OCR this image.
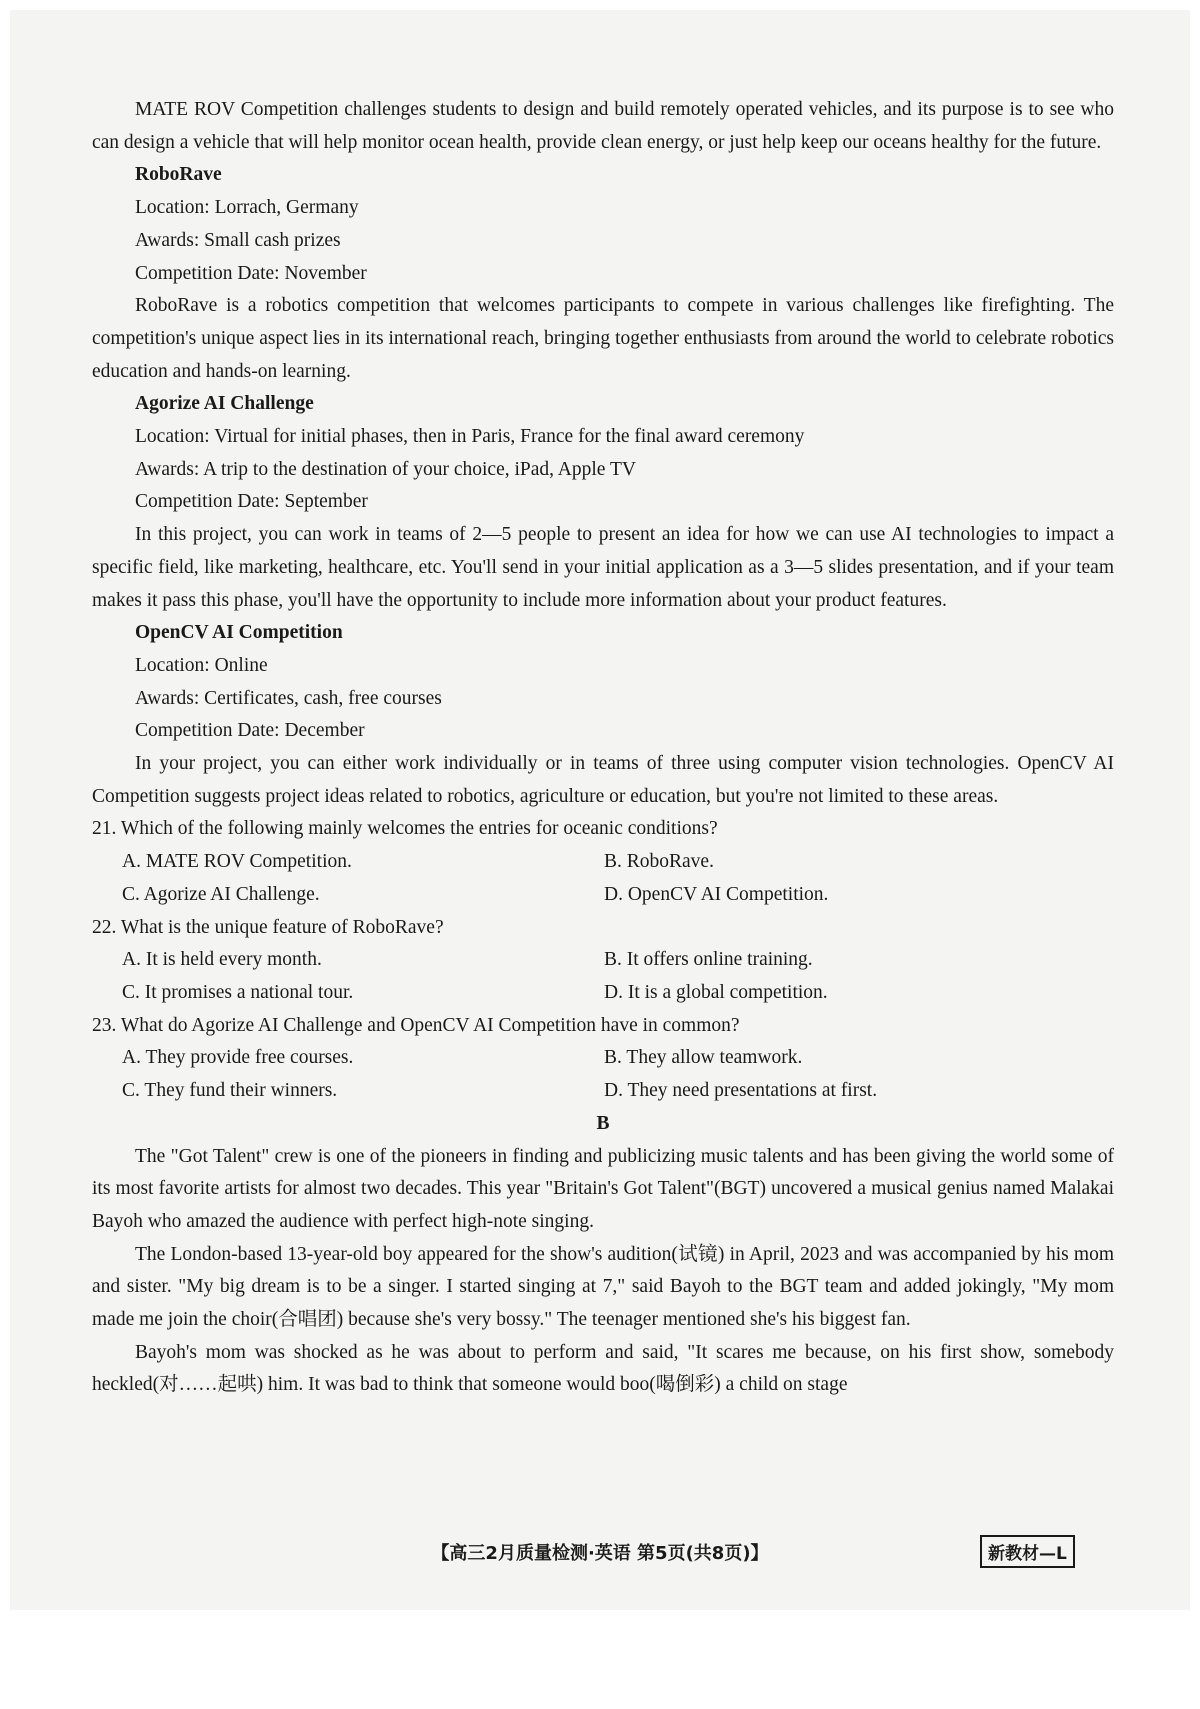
MATE ROV Competition challenges students to design and build remotely operated vehicles, and its purpose is to see who can design a vehicle that will help monitor ocean health, provide clean energy, or just help keep our oceans healthy for the future.

RoboRave

Location: Lorrach, Germany

Awards: Small cash prizes

Competition Date: November

RoboRave is a robotics competition that welcomes participants to compete in various challenges like firefighting. The competition's unique aspect lies in its international reach, bringing together enthusiasts from around the world to celebrate robotics education and hands-on learning.

Agorize AI Challenge

Location: Virtual for initial phases, then in Paris, France for the final award ceremony

Awards: A trip to the destination of your choice, iPad, Apple TV

Competition Date: September

In this project, you can work in teams of 2—5 people to present an idea for how we can use AI technologies to impact a specific field, like marketing, healthcare, etc. You'll send in your initial application as a 3—5 slides presentation, and if your team makes it pass this phase, you'll have the opportunity to include more information about your product features.

OpenCV AI Competition

Location: Online

Awards: Certificates, cash, free courses

Competition Date: December

In your project, you can either work individually or in teams of three using computer vision technologies. OpenCV AI Competition suggests project ideas related to robotics, agriculture or education, but you're not limited to these areas.

21. Which of the following mainly welcomes the entries for oceanic conditions?

A. MATE ROV Competition.	B. RoboRave.
C. Agorize AI Challenge.	D. OpenCV AI Competition.

22. What is the unique feature of RoboRave?

A. It is held every month.	B. It offers online training.
C. It promises a national tour.	D. It is a global competition.

23. What do Agorize AI Challenge and OpenCV AI Competition have in common?

A. They provide free courses.	B. They allow teamwork.
C. They fund their winners.	D. They need presentations at first.

B

The "Got Talent" crew is one of the pioneers in finding and publicizing music talents and has been giving the world some of its most favorite artists for almost two decades. This year "Britain's Got Talent"(BGT) uncovered a musical genius named Malakai Bayoh who amazed the audience with perfect high-note singing.

The London-based 13-year-old boy appeared for the show's audition(试镜) in April, 2023 and was accompanied by his mom and sister. "My big dream is to be a singer. I started singing at 7," said Bayoh to the BGT team and added jokingly, "My mom made me join the choir(合唱团) because she's very bossy." The teenager mentioned she's his biggest fan.

Bayoh's mom was shocked as he was about to perform and said, "It scares me because, on his first show, somebody heckled(对……起哄) him. It was bad to think that someone would boo(喝倒彩) a child on stage

【高三2月质量检测·英语 第5页(共8页)】	新教材—L
